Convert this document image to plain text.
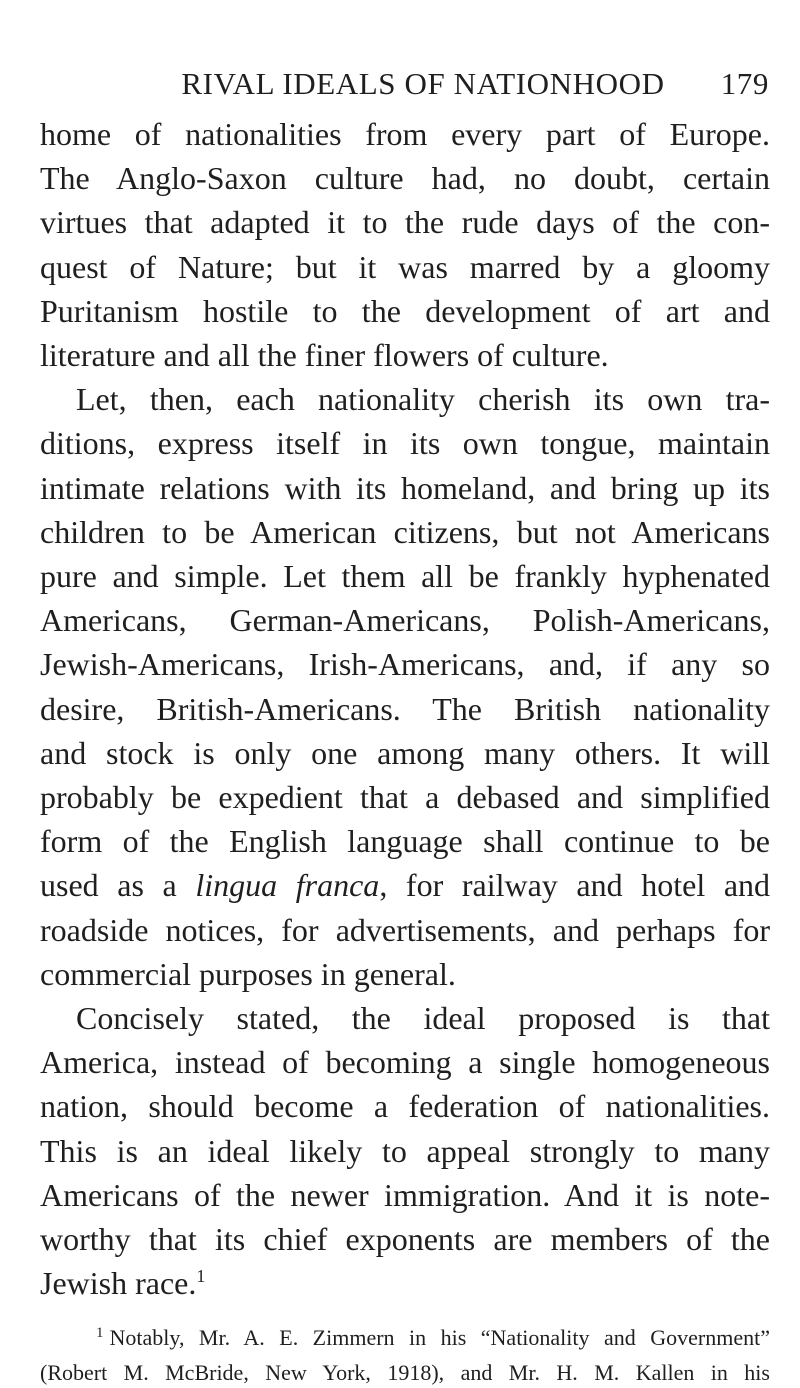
RIVAL IDEALS OF NATIONHOOD 179

home of nationalities from every part of Europe.
The Anglo-Saxon culture had, no doubt, certain
virtues that adapted it to the rude days of the con-
quest of Nature; but it was marred by a gloomy
Puritanism hostile to the development of art and
literature and all the finer flowers of culture.

Let, then, each nationality cherish its own tra-
ditions, express itself in its own tongue, maintain
intimate relations with its homeland, and bring up its
children to be American citizens, but not Americans
pure and simple. Let them all be frankly hyphenated
Americans, German-Americans, Polish-Americans,
Jewish-Americans, Irish-Americans, and, if any so
desire, British-Americans. The British nationality
and stock is only one among many others. It will
probably be expedient that a debased and simplified
form of the English language shall continue to be
used as a lingua franca, for railway and hotel and
roadside notices, for advertisements, and perhaps for
commercial purposes in general.

Concisely stated, the ideal proposed is that
America, instead of becoming a single homogeneous
nation, should become a federation of nationalities.
This is an ideal likely to appeal strongly to many
Americans of the newer immigration. And it is note-
worthy that its chief exponents are members of the
Jewish race.$^1$

$^1$ Notably, Mr. A. E. Zimmern in his “Nationality and Government”
(Robert M. McBride, New York, 1918), and Mr. H. M. Kallen in his
